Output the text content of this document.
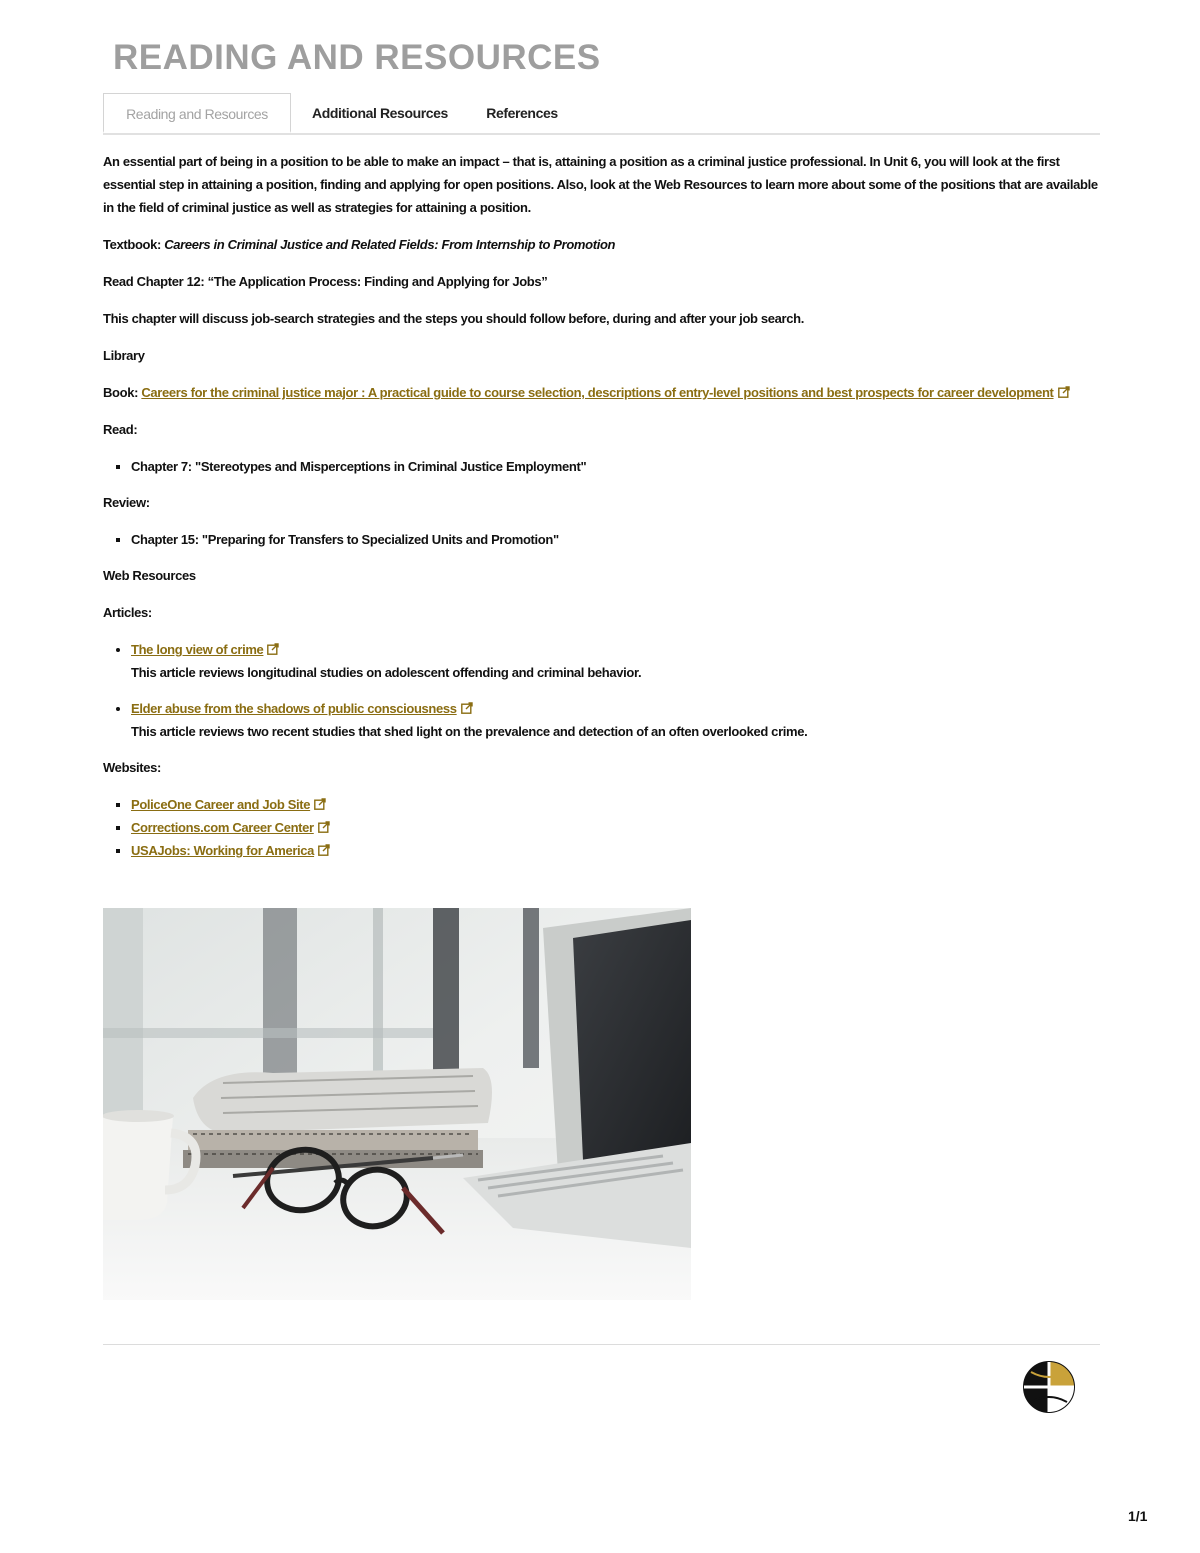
READING AND RESOURCES
Reading and Resources	Additional Resources	References

An essential part of being in a position to be able to make an impact – that is, attaining a position as a criminal justice professional. In Unit 6, you will look at the first essential step in attaining a position, finding and applying for open positions. Also, look at the Web Resources to learn more about some of the positions that are available in the field of criminal justice as well as strategies for attaining a position.

Textbook: Careers in Criminal Justice and Related Fields: From Internship to Promotion

Read Chapter 12: “The Application Process: Finding and Applying for Jobs”

This chapter will discuss job-search strategies and the steps you should follow before, during and after your job search.

Library

Book: Careers for the criminal justice major : A practical guide to course selection, descriptions of entry-level positions and best prospects for career development

Read:

▪ Chapter 7: "Stereotypes and Misperceptions in Criminal Justice Employment"

Review:

▪ Chapter 15: "Preparing for Transfers to Specialized Units and Promotion"

Web Resources

Articles:

• The long view of crime
This article reviews longitudinal studies on adolescent offending and criminal behavior.
• Elder abuse from the shadows of public consciousness
This article reviews two recent studies that shed light on the prevalence and detection of an often overlooked crime.

Websites:

▪ PoliceOne Career and Job Site
▪ Corrections.com Career Center
▪ USAJobs: Working for America
1/1
